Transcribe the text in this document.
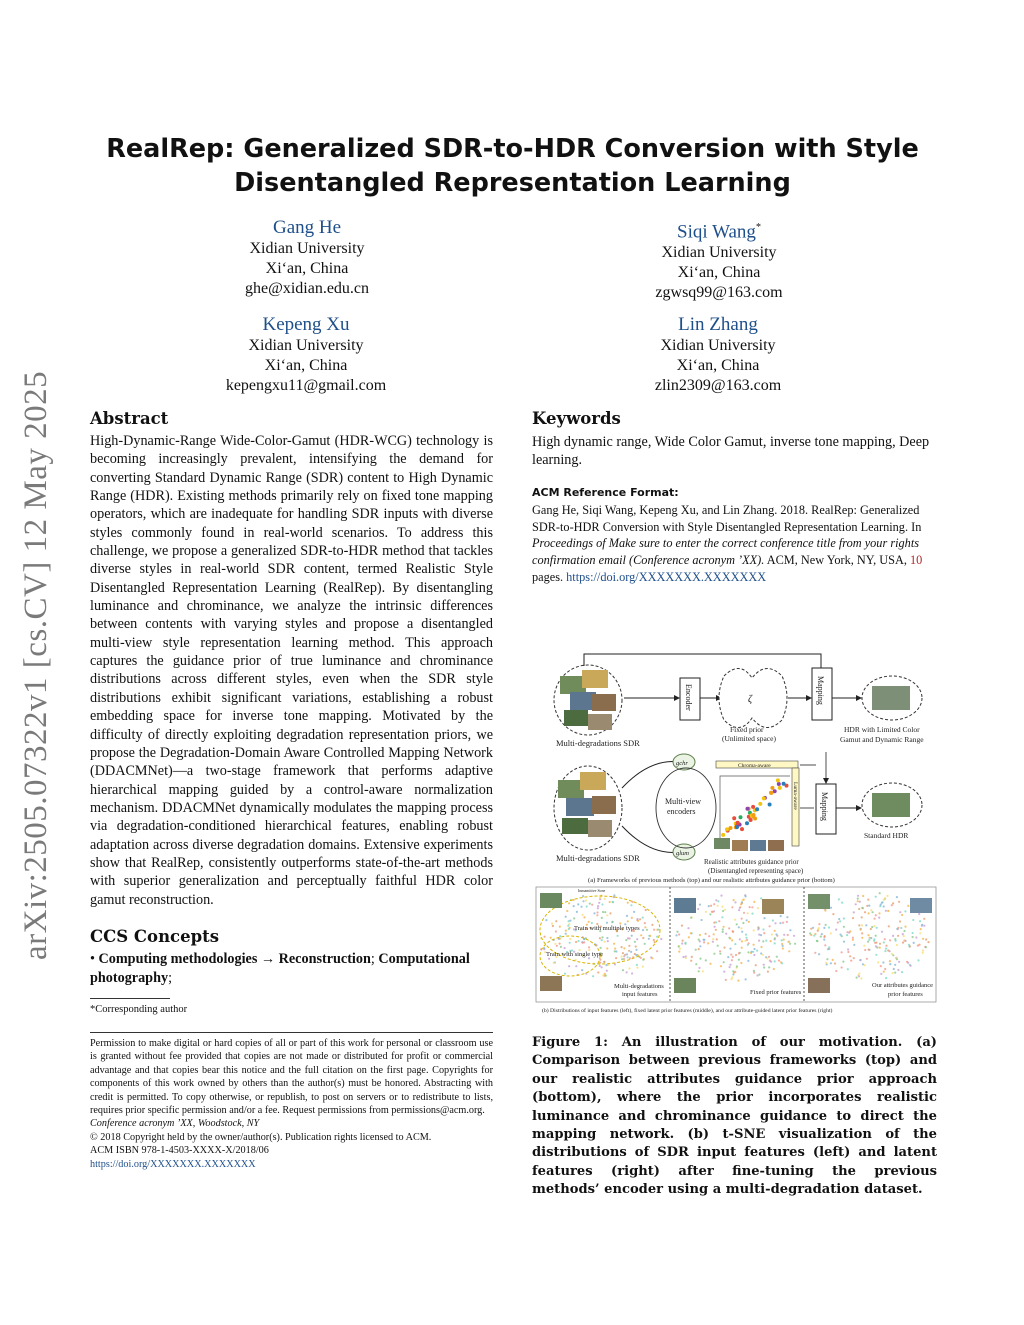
arXiv:2505.07322v1 [cs.CV] 12 May 2025
RealRep: Generalized SDR-to-HDR Conversion with Style
Disentangled Representation Learning
Gang He
Xidian University
Xi‘an, China
ghe@xidian.edu.cn
Siqi Wang*
Xidian University
Xi‘an, China
zgwsq99@163.com
Kepeng Xu
Xidian University
Xi‘an, China
kepengxu11@gmail.com
Lin Zhang
Xidian University
Xi‘an, China
zlin2309@163.com
Abstract
High-Dynamic-Range Wide-Color-Gamut (HDR-WCG) technology is becoming increasingly prevalent, intensifying the demand for converting Standard Dynamic Range (SDR) content to High Dynamic Range (HDR). Existing methods primarily rely on fixed tone mapping operators, which are inadequate for handling SDR inputs with diverse styles commonly found in real-world scenarios. To address this challenge, we propose a generalized SDR-to-HDR method that tackles diverse styles in real-world SDR content, termed Realistic Style Disentangled Representation Learning (RealRep). By disentangling luminance and chrominance, we analyze the intrinsic differences between contents with varying styles and propose a disentangled multi-view style representation learning method. This approach captures the guidance prior of true luminance and chrominance distributions across different styles, even when the SDR style distributions exhibit significant variations, establishing a robust embedding space for inverse tone mapping. Motivated by the difficulty of directly exploiting degradation representation priors, we propose the Degradation-Domain Aware Controlled Mapping Network (DDACMNet)—a two-stage framework that performs adaptive hierarchical mapping guided by a control-aware normalization mechanism. DDACMNet dynamically modulates the mapping process via degradation-conditioned hierarchical features, enabling robust adaptation across diverse degradation domains. Extensive experiments show that RealRep, consistently outperforms state-of-the-art methods with superior generalization and perceptually faithful HDR color gamut reconstruction.
CCS Concepts
• Computing methodologies → Reconstruction; Computational photography;
*Corresponding author
Permission to make digital or hard copies of all or part of this work for personal or classroom use is granted without fee provided that copies are not made or distributed for profit or commercial advantage and that copies bear this notice and the full citation on the first page. Copyrights for components of this work owned by others than the author(s) must be honored. Abstracting with credit is permitted. To copy otherwise, or republish, to post on servers or to redistribute to lists, requires prior specific permission and/or a fee. Request permissions from permissions@acm.org.
Conference acronym ’XX, Woodstock, NY
© 2018 Copyright held by the owner/author(s). Publication rights licensed to ACM.
ACM ISBN 978-1-4503-XXXX-X/2018/06
https://doi.org/XXXXXXX.XXXXXXX
Keywords
High dynamic range, Wide Color Gamut, inverse tone mapping, Deep learning.
ACM Reference Format:
Gang He, Siqi Wang, Kepeng Xu, and Lin Zhang. 2018. RealRep: Generalized SDR-to-HDR Conversion with Style Disentangled Representation Learning. In Proceedings of Make sure to enter the correct conference title from your rights confirmation email (Conference acronym ’XX). ACM, New York, NY, USA, 10 pages. https://doi.org/XXXXXXX.XXXXXXX
Multi-degradations SDR
Encoder	ζ
Fixed prior
(Unlimited space)
Mapping
HDR with Limited Color
Gamut and Dynamic Range
Multi-degradations SDR
gchr
glum
Multi-view
encoders
Chroma-aware
Luma-aware
Realistic attributes guidance prior
(Disentangled representing space)
Mapping
Standard HDR
(a) Frameworks of previous methods (top) and our realistic attributes guidance prior (bottom)
Inmamitive Scne
Train with multiple types
Train with single type
Multi-degradations
input features	Fixed prior features
Our attributes guidance
prior features
(b) Distributions of input features (left), fixed latent prior features (middle), and our attribute-guided latent prior features (right)
Figure 1: An illustration of our motivation. (a) Comparison between previous frameworks (top) and our realistic attributes guidance prior approach (bottom), where the prior incorporates realistic luminance and chrominance guidance to direct the mapping network. (b) t-SNE visualization of the distributions of SDR input features (left) and latent features (right) after fine-tuning the previous methods’ encoder using a multi-degradation dataset.
